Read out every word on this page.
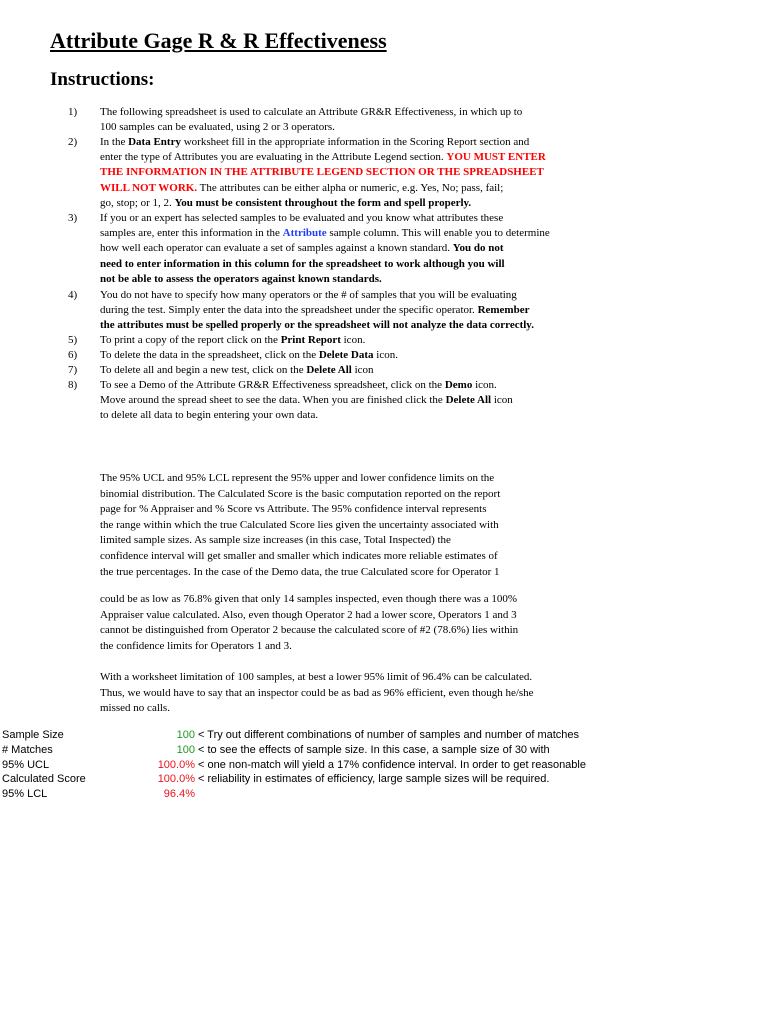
Attribute Gage R & R Effectiveness
Instructions:
1)	The following spreadsheet is used to calculate an Attribute GR&R Effectiveness, in which up to
100 samples can be evaluated, using 2 or 3 operators.
2)	In the Data Entry worksheet fill in the appropriate information in the Scoring Report section and
enter the type of Attributes you are evaluating in the Attribute Legend section. YOU MUST ENTER
THE INFORMATION IN THE ATTRIBUTE LEGEND SECTION OR THE SPREADSHEET
WILL NOT WORK. The attributes can be either alpha or numeric, e.g. Yes, No; pass, fail;
go, stop; or 1, 2. You must be consistent throughout the form and spell properly.
3)	If you or an expert has selected samples to be evaluated and you know what attributes these
samples are, enter this information in the Attribute sample column. This will enable you to determine
how well each operator can evaluate a set of samples against a known standard. You do not
need to enter information in this column for the spreadsheet to work although you will
not be able to assess the operators against known standards.
4)	You do not have to specify how many operators or the # of samples that you will be evaluating
during the test. Simply enter the data into the spreadsheet under the specific operator. Remember
the attributes must be spelled properly or the spreadsheet will not analyze the data correctly.
5)	To print a copy of the report click on the Print Report icon.
6)	To delete the data in the spreadsheet, click on the Delete Data icon.
7)	To delete all and begin a new test, click on the Delete All icon
8)	To see a Demo of the Attribute GR&R Effectiveness spreadsheet, click on the Demo icon.
Move around the spread sheet to see the data. When you are finished click the Delete All icon
to delete all data to begin entering your own data.
The 95% UCL and 95% LCL represent the 95% upper and lower confidence limits on the
binomial distribution. The Calculated Score is the basic computation reported on the report
page for % Appraiser and % Score vs Attribute. The 95% confidence interval represents
the range within which the true Calculated Score lies given the uncertainty associated with
limited sample sizes. As sample size increases (in this case, Total Inspected) the
confidence interval will get smaller and smaller which indicates more reliable estimates of
the true percentages. In the case of the Demo data, the true Calculated score for Operator 1
could be as low as 76.8% given that only 14 samples inspected, even though there was a 100%
Appraiser value calculated. Also, even though Operator 2 had a lower score, Operators 1 and 3
cannot be distinguished from Operator 2 because the calculated score of #2 (78.6%) lies within
the confidence limits for Operators 1 and 3.
With a worksheet limitation of 100 samples, at best a lower 95% limit of 96.4% can be calculated.
Thus, we would have to say that an inspector could be as bad as 96% efficient, even though he/she
missed no calls.
Sample Size	100 < Try out different combinations of number of samples and number of matches
# Matches	100 < to see the effects of sample size. In this case, a sample size of 30 with
95% UCL	100.0% < one non-match will yield a 17% confidence interval. In order to get reasonable
Calculated Score	100.0% < reliability in estimates of efficiency, large sample sizes will be required.
95% LCL	96.4%
